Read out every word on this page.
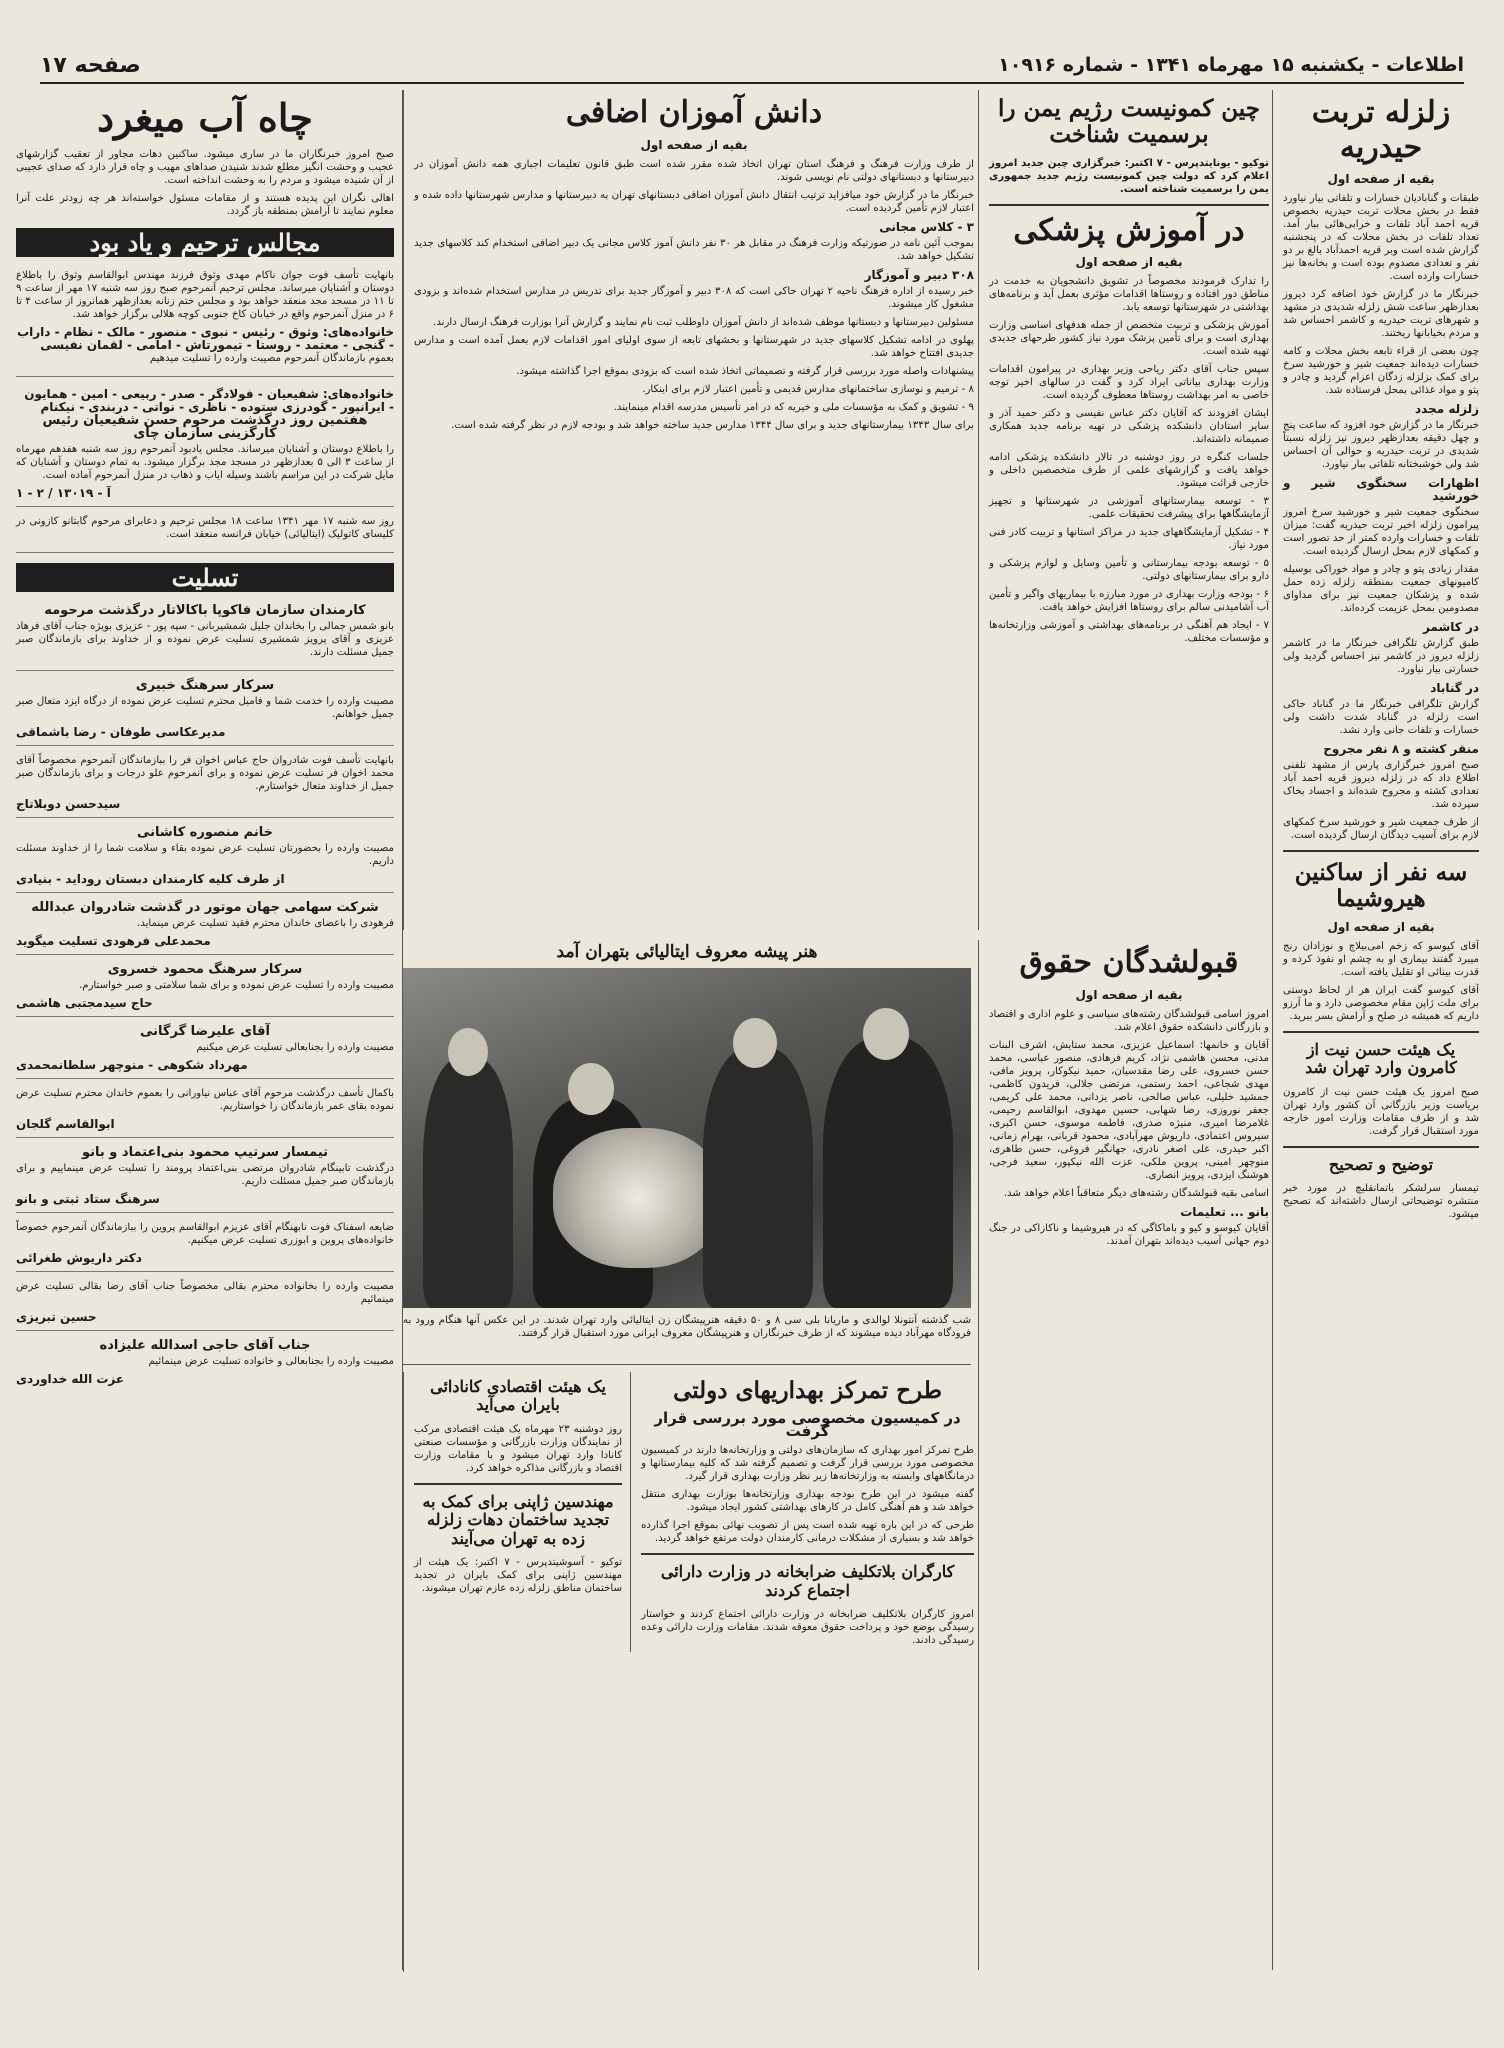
اطلاعات - یکشنبه ۱۵ مهرماه ۱۳۴۱ - شماره ۱۰۹۱۶
صفحه ۱۷
زلزله تربت حیدریه
بقیه از صفحه اول

طبقات و گنابادیان خسارات و تلفاتی بیار نیاورد فقط در بخش محلات تربت حیدریه بخصوص قریه احمد آباد تلفات و خرابی‌هائی ببار آمد. تعداد تلفات در بخش محلات که در پنجشنبه گزارش شده است وبر قریه احمدآباد بالغ بر دو نفر و تعدادی مصدوم بوده است و بخانه‌ها نیز خسارات وارده است.

خبرنگار ما در گزارش خود اضافه کرد دیروز بعدازظهر ساعت شش زلزله شدیدی در مشهد و شهرهای تربت حیدریه و کاشمر احساس شد و مردم بخیابانها ریختند.

چون بعضی از قراء تابعه بخش محلات و کامه خسارات دیده‌اند جمعیت شیر و خورشید سرخ برای کمک بزلزله زدگان اعزام گردید و چادر و پتو و مواد غذائی بمحل فرستاده شد.

زلزله مجدد

خبرنگار ما در گزارش خود افزود که ساعت پنج و چهل دقیقه بعدازظهر دیروز نیز زلزله نسبتاً شدیدی در تربت حیدریه و حوالی آن احساس شد ولی خوشبختانه تلفاتی ببار نیاورد.

اظهارات سخنگوی شیر و خورشید

سخنگوی جمعیت شیر و خورشید سرخ امروز پیرامون زلزله اخیر تربت حیدریه گفت: میزان تلفات و خسارات وارده کمتر از حد تصور است و کمکهای لازم بمحل ارسال گردیده است.

مقدار زیادی پتو و چادر و مواد خوراکی بوسیله کامیونهای جمعیت بمنطقه زلزله زده حمل شده و پزشکان جمعیت نیز برای مداوای مصدومین بمحل عزیمت کرده‌اند.

در کاشمر

طبق گزارش تلگرافی خبرنگار ما در کاشمر زلزله دیروز در کاشمر نیز احساس گردید ولی خسارتی بیار نیاورد.

در گناباد

گزارش تلگرافی خبرنگار ما در گناباد حاکی است زلزله در گناباد شدت داشت ولی خسارات و تلفات جانی وارد نشد.

منقر کشته و ۸ نفر مجروح

صبح امروز خبرگزاری پارس از مشهد تلفنی اطلاع داد که در زلزله دیروز قریه احمد آباد تعدادی کشته و مجروح شده‌اند و اجساد بخاک سپرده شد.

از طرف جمعیت شیر و خورشید سرخ کمکهای لازم برای آسیب دیدگان ارسال گردیده است.

سه نفر از ساکنین هیروشیما
بقیه از صفحه اول

آقای کیوسو که زخم امی‌بیلاچ و نوزادان رنج میبرد گفتند بیماری او به چشم او نفوذ کرده و قدرت بینائی او تقلیل یافته است.

آقای کیوسو گفت ایران هر از لحاظ دوستی برای ملت ژاپن مقام مخصوصی دارد و ما آرزو داریم که همیشه در صلح و آرامش بسر ببرید.

یک هیئت حسن نیت از کامرون وارد تهران شد

صبح امروز یک هیئت حسن نیت از کامرون بریاست وزیر بازرگانی آن کشور وارد تهران شد و از طرف مقامات وزارت امور خارجه مورد استقبال قرار گرفت.

توضیح و تصحیح

تیمسار سرلشکر باتمانقلیچ در مورد خبر منتشره توضیحاتی ارسال داشته‌اند که تصحیح میشود.

چین کمونیست رژیم یمن را برسمیت شناخت

توکیو - یونایتدپرس - ۷ اکتبر: خبرگزاری چین جدید امروز اعلام کرد که دولت چین کمونیست رژیم جدید جمهوری یمن را برسمیت شناخته است.

در آموزش پزشکی
بقیه از صفحه اول

را تدارک فرمودند مخصوصاً در تشویق دانشجویان به خدمت در مناطق دور افتاده و روستاها اقدامات مؤثری بعمل آید و برنامه‌های بهداشتی در شهرستانها توسعه یابد.

آموزش پزشکی و تربیت متخصص از جمله هدفهای اساسی وزارت بهداری است و برای تأمین پزشک مورد نیاز کشور طرحهای جدیدی تهیه شده است.

سپس جناب آقای دکتر ریاحی وزیر بهداری در پیرامون اقدامات وزارت بهداری بیاناتی ایراد کرد و گفت در سالهای اخیر توجه خاصی به امر بهداشت روستاها معطوف گردیده است.

ایشان افزودند که آقایان دکتر عباس نفیسی و دکتر حمید آذر و سایر استادان دانشکده پزشکی در تهیه برنامه جدید همکاری صمیمانه داشته‌اند.

جلسات کنگره در روز دوشنبه در تالار دانشکده پزشکی ادامه خواهد یافت و گزارشهای علمی از طرف متخصصین داخلی و خارجی قرائت میشود.

۳ - توسعه بیمارستانهای آموزشی در شهرستانها و تجهیز آزمایشگاهها برای پیشرفت تحقیقات علمی.

۴ - تشکیل آزمایشگاههای جدید در مراکز استانها و تربیت کادر فنی مورد نیاز.

۵ - توسعه بودجه بیمارستانی و تأمین وسایل و لوازم پزشکی و دارو برای بیمارستانهای دولتی.

۶ - بودجه وزارت بهداری در مورد مبارزه با بیماریهای واگیر و تأمین آب آشامیدنی سالم برای روستاها افزایش خواهد یافت.

۷ - ایجاد هم آهنگی در برنامه‌های بهداشتی و آموزشی وزارتخانه‌ها و مؤسسات مختلف.

قبولشدگان حقوق
بقیه از صفحه اول

امروز اسامی قبولشدگان رشته‌های سیاسی و علوم اداری و اقتصاد و بازرگانی دانشکده حقوق اعلام شد.

آقایان و خانمها: اسماعیل عزیزی، محمد ستایش، اشرف البنات مدنی، محسن هاشمی نژاد، کریم فرهادی، منصور عباسی، محمد حسن خسروی، علی رضا مقدسیان، حمید نیکوکار، پرویز مافی، مهدی شجاعی، احمد رستمی، مرتضی جلالی، فریدون کاظمی، جمشید خلیلی، عباس صالحی، ناصر یزدانی، محمد علی کریمی، جعفر نوروزی، رضا شهابی، حسین مهدوی، ابوالقاسم رحیمی، غلامرضا امیری، منیژه صدری، فاطمه موسوی، حسن اکبری، سیروس اعتمادی، داریوش مهرآبادی، محمود قربانی، بهرام زمانی، اکبر حیدری، علی اصغر نادری، جهانگیر فروغی، حسن طاهری، منوچهر امینی، پروین ملکی، عزت الله نیکپور، سعید فرجی، هوشنگ ایزدی، پرویز انصاری.

اسامی بقیه قبولشدگان رشته‌های دیگر متعاقباً اعلام خواهد شد.

بانو ... تعلیمات

آقایان کیوسو و کیو و باماکاگی که در هیروشیما و ناکازاکی در جنگ دوم جهانی آسیب دیده‌اند بتهران آمدند.

دانش آموزان اضافی
بقیه از صفحه اول

از طرف وزارت فرهنگ و فرهنگ استان تهران اتخاذ شده مقرر شده است طبق قانون تعلیمات اجباری همه دانش آموزان در دبیرستانها و دبستانهای دولتی نام نویسی شوند.

خبرنگار ما در گزارش خود میافزاید ترتیب انتقال دانش آموزان اضافی دبستانهای تهران به دبیرستانها و مدارس شهرستانها داده شده و اعتبار لازم تأمین گردیده است.

۳ - کلاس مجانی

بموجب آئین نامه در صورتیکه وزارت فرهنگ در مقابل هر ۳۰ نفر دانش آموز کلاس مجانی یک دبیر اضافی استخدام کند کلاسهای جدید تشکیل خواهد شد.

۳۰۸ دبیر و آموزگار

خبر رسیده از اداره فرهنگ ناحیه ۲ تهران حاکی است که ۳۰۸ دبیر و آموزگار جدید برای تدریس در مدارس استخدام شده‌اند و بزودی مشغول کار میشوند.

مسئولین دبیرستانها و دبستانها موظف شده‌اند از دانش آموزان داوطلب ثبت نام نمایند و گزارش آنرا بوزارت فرهنگ ارسال دارند.

پهلوی در ادامه تشکیل کلاسهای جدید در شهرستانها و بخشهای تابعه از سوی اولیای امور اقدامات لازم بعمل آمده است و مدارس جدیدی افتتاح خواهد شد.

پیشنهادات واصله مورد بررسی قرار گرفته و تصمیماتی اتخاذ شده است که بزودی بموقع اجرا گذاشته میشود.

۸ - ترمیم و نوسازی ساختمانهای مدارس قدیمی و تأمین اعتبار لازم برای اینکار.

۹ - تشویق و کمک به مؤسسات ملی و خیریه که در امر تأسیس مدرسه اقدام مینمایند.

برای سال ۱۳۴۳ بیمارستانهای جدید و برای سال ۱۳۴۴ مدارس جدید ساخته خواهد شد و بودجه لازم در نظر گرفته شده است.

هنر پیشه معروف ایتالیائی بتهران آمد
شب گذشته آنتونلا لوالدی و ماریانا بلی سی ۸ و ۵۰ دقیقه هنرپیشگان زن ایتالیائی وارد تهران شدند. در این عکس آنها هنگام ورود به فرودگاه مهرآباد دیده میشوند که از طرف خبرنگاران و هنرپیشگان معروف ایرانی مورد استقبال قرار گرفتند.
طرح تمرکز بهداریهای دولتی
در کمیسیون مخصوصی مورد بررسی قرار گرفت

طرح تمرکز امور بهداری که سازمان‌های دولتی و وزارتخانه‌ها دارند در کمیسیون مخصوصی مورد بررسی قرار گرفت و تصمیم گرفته شد که کلیه بیمارستانها و درمانگاههای وابسته به وزارتخانه‌ها زیر نظر وزارت بهداری قرار گیرد.

گفته میشود در این طرح بودجه بهداری وزارتخانه‌ها بوزارت بهداری منتقل خواهد شد و هم آهنگی کامل در کارهای بهداشتی کشور ایجاد میشود.

طرحی که در این باره تهیه شده است پس از تصویب نهائی بموقع اجرا گذارده خواهد شد و بسیاری از مشکلات درمانی کارمندان دولت مرتفع خواهد گردید.

کارگران بلاتکلیف ضرابخانه در وزارت دارائی اجتماع کردند

امروز کارگران بلاتکلیف ضرابخانه در وزارت دارائی اجتماع کردند و خواستار رسیدگی بوضع خود و پرداخت حقوق معوقه شدند. مقامات وزارت دارائی وعده رسیدگی دادند.

یک هیئت اقتصادی کانادائی بایران می‌آید

روز دوشنبه ۲۳ مهرماه یک هیئت اقتصادی مرکب از نمایندگان وزارت بازرگانی و مؤسسات صنعتی کانادا وارد تهران میشود و با مقامات وزارت اقتصاد و بازرگانی مذاکره خواهد کرد.

مهندسین ژاپنی برای کمک به تجدید ساختمان دهات زلزله زده به تهران می‌آیند

توکیو - آسوشیتدپرس - ۷ اکتبر: یک هیئت از مهندسین ژاپنی برای کمک بایران در تجدید ساختمان مناطق زلزله زده عازم تهران میشوند.

چاه آب میغرد

صبح امروز خبرنگاران ما در ساری میشود. ساکنین دهات مجاور از تعقیب گزارشهای عجیب و وحشت انگیز مطلع شدند شنیدن صداهای مهیب و چاه قرار دارد که صدای عجیبی از آن شنیده میشود و مردم را به وحشت انداخته است.

اهالی نگران این پدیده هستند و از مقامات مسئول خواسته‌اند هر چه زودتر علت آنرا معلوم نمایند تا آرامش بمنطقه باز گردد.

مجالس ترحیم و یاد بود

بانهایت تأسف فوت جوان ناکام مهدی وثوق فرزند مهندس ابوالقاسم وثوق را باطلاع دوستان و آشنایان میرساند. مجلس ترحیم آنمرحوم صبح روز سه شنبه ۱۷ مهر از ساعت ۹ تا ۱۱ در مسجد مجد منعقد خواهد بود و مجلس ختم زنانه بعدازظهر همانروز از ساعت ۴ تا ۶ در منزل آنمرحوم واقع در خیابان کاخ جنوبی کوچه هلالی برگزار خواهد شد.

خانواده‌های: وثوق - رئیس - نبوی - منصور - مالک - نظام - داراب - گنجی - معتمد - روستا - تیمورتاش - امامی - لقمان نفیسی

بعموم بازماندگان آنمرحوم مصیبت وارده را تسلیت میدهیم

خانواده‌های: شفیعیان - فولادگر - صدر - ربیعی - امین - همایون - ایرانپور - گودرزی ستوده - ناظری - نواتی - دربندی - نیکنام
هفتمین روز درگذشت مرحوم حسن شفیعیان رئیس کارگزینی سازمان چای

را باطلاع دوستان و آشنایان میرساند. مجلس یادبود آنمرحوم روز سه شنبه هفدهم مهرماه از ساعت ۳ الی ۵ بعدازظهر در مسجد مجد برگزار میشود. به تمام دوستان و آشنایان که مایل شرکت در این مراسم باشند وسیله ایاب و ذهاب در منزل آنمرحوم آماده است.

آ - ۱۳۰۱۹ / ۲ - ۱

روز سه شنبه ۱۷ مهر ۱۳۴۱ ساعت ۱۸ مجلس ترحیم و دعابرای مرحوم گابتانو کازونی در کلیسای کاتولیک (ایتالیائی) خیابان فرانسه منعقد است.

تسلیت
کارمندان سازمان فاکوپا باکالاتار درگذشت مرحومه

بانو شمس جمالی را بخاندان جلیل شمشیربانی - سپه پور - عزیزی بویژه جناب آقای فرهاد عزیزی و آقای پرویز شمشیری تسلیت عرض نموده و از خداوند برای بازماندگان صبر جمیل مسئلت دارند.

سرکار سرهنگ خبیری

مصیبت وارده را خدمت شما و فامیل محترم تسلیت عرض نموده از درگاه ایزد متعال صبر جمیل خواهانم.

مدیرعکاسی طوفان - رضا باشماقی

بانهایت تأسف فوت شادروان حاج عباس اخوان فر را ببازماندگان آنمرحوم مخصوصاً آقای محمد اخوان فر تسلیت عرض نموده و برای آنمرحوم علو درجات و برای بازماندگان صبر جمیل از خداوند متعال خواستارم.

سیدحسن دوبلاتاج
خانم منصوره کاشانی

مصیبت وارده را بحضورتان تسلیت عرض نموده بقاء و سلامت شما را از خداوند مسئلت داریم.

از طرف کلیه کارمندان دبستان روداید - بنیادی
شرکت سهامی جهان موتور در گذشت شادروان عبدالله

فرهودی را باعضای خاندان محترم فقید تسلیت عرض مینماید.

محمدعلی فرهودی تسلیت میگوید
سرکار سرهنگ محمود خسروی

مصیبت وارده را تسلیت عرض نموده و برای شما سلامتی و صبر خواستارم.

حاج سیدمجتبی هاشمی
آقای علیرضا گرگانی

مصیبت وارده را بجنابعالی تسلیت عرض میکنیم

مهرداد شکوهی - منوچهر سلطانمحمدی

باکمال تأسف درگذشت مرحوم آقای عباس نیاورانی را بعموم خاندان محترم تسلیت عرض نموده بقای عمر بازماندگان را خواستاریم.

ابوالقاسم گلجان
تیمسار سرتیپ محمود بنی‌اعتماد و بانو

درگذشت تابینگام شادروان مرتضی بنی‌اعتماد پرومند را تسلیت عرض مینماییم و برای بازماندگان صبر جمیل مسئلت داریم.

سرهنگ ستاد ثبتی و بانو

ضایعه اسفناک فوت نابهنگام آقای عزیزم ابوالقاسم پروین را ببازماندگان آنمرحوم خصوصاً خانواده‌های پروین و ابوزری تسلیت عرض میکنیم.

دکتر داریوش طغرائی

مصیبت وارده را بخانواده محترم بقالی مخصوصاً جناب آقای رضا بقالی تسلیت عرض مینمائیم

حسین تبریزی
جناب آقای حاجی اسدالله علیزاده

مصیبت وارده را بجنابعالی و خانواده تسلیت عرض مینمائیم

عزت الله خداوردی
